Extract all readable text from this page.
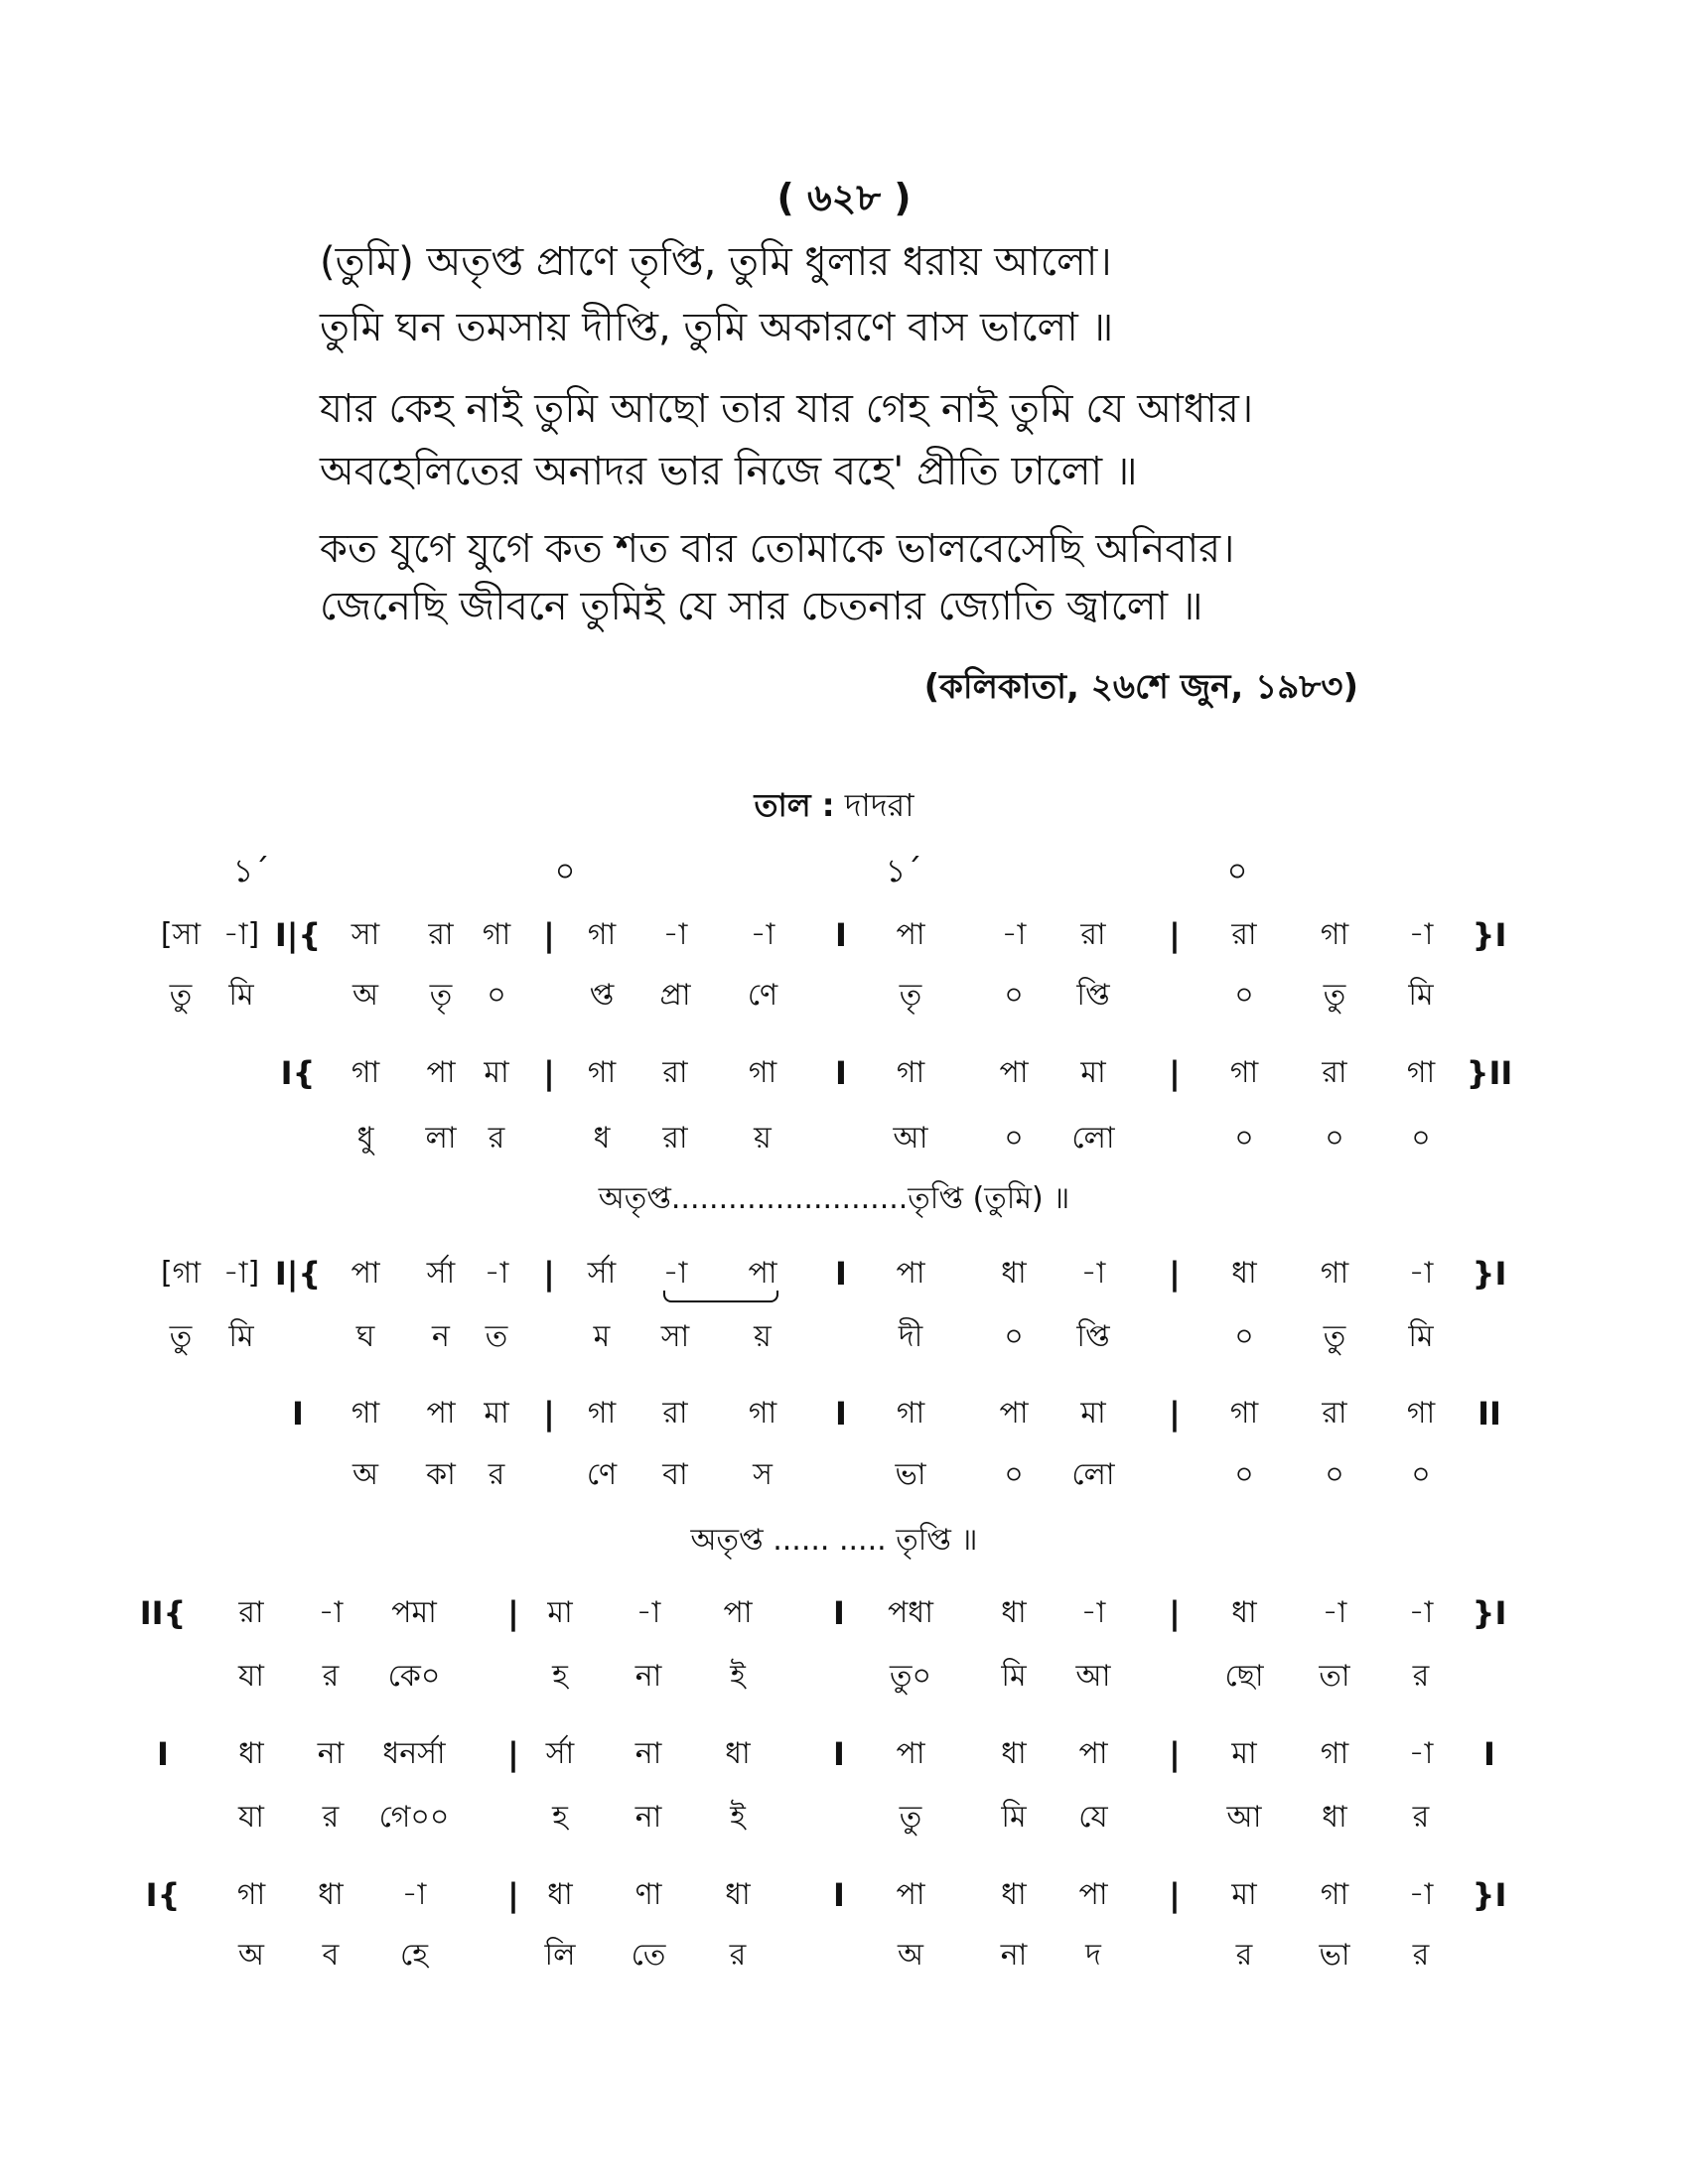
( ৬২৮ )
(তুমি) অতৃপ্ত প্রাণে তৃপ্তি, তুমি ধুলার ধরায় আলো।
তুমি ঘন তমসায় দীপ্তি, তুমি অকারণে বাস ভালো ॥
যার কেহ নাই তুমি আছো তার যার গেহ নাই তুমি যে আধার।
অবহেলিতের অনাদর ভার নিজে বহে' প্রীতি ঢালো ॥
কত যুগে যুগে কত শত বার তোমাকে ভালবেসেছি অনিবার।
জেনেছি জীবনে তুমিই যে সার চেতনার জ্যোতি জ্বালো ॥
(কলিকাতা, ২৬শে জুন, ১৯৮৩)
তাল : দাদরা
১´	০	১´	০
[সা -া] I|{ সা রা গা | গা -া -া I পা	-া রা | রা গা -া }I
তু মি	অ তৃ ০	প্ত প্রা ণে	তৃ	০ প্তি	০ তু মি
I{ গা পা মা | গা রা গা I গা	পা মা | গা রা গা }II
ধু লা র	ধ রা য়	আ	০ লো	০ ০ ০
অতৃপ্ত.........................তৃপ্তি (তুমি) ॥
[গা -া] I|{ পা র্সা -া | র্সা -া পা I পা	ধা -া | ধা গা -া }I
তু মি	ঘ ন ত	ম সা য়	দী	০ প্তি	০ তু মি
I গা পা মা | গা রা গা I গা	পা মা | গা রা গা II
অ কা র	ণে বা স	ভা	০ লো	০ ০ ০
অতৃপ্ত ...... ..... তৃপ্তি ॥
II{ রা -া পমা | মা -া পা	I পধা ধা -া | ধা -া -া }I
যা র কে০	হ না ই	তু০ মি আ	ছো তা র
I ধা না ধনর্সা | র্সা না ধা	I পা	ধা পা | মা গা -া I
যা র গে০০	হ না ই	তু	মি যে	আ ধা র
I{ গা ধা -া	| ধা ণা ধা	I পা	ধা পা | মা গা -া }I
অ ব হে	লি তে র	অ	না দ	র ভা র
